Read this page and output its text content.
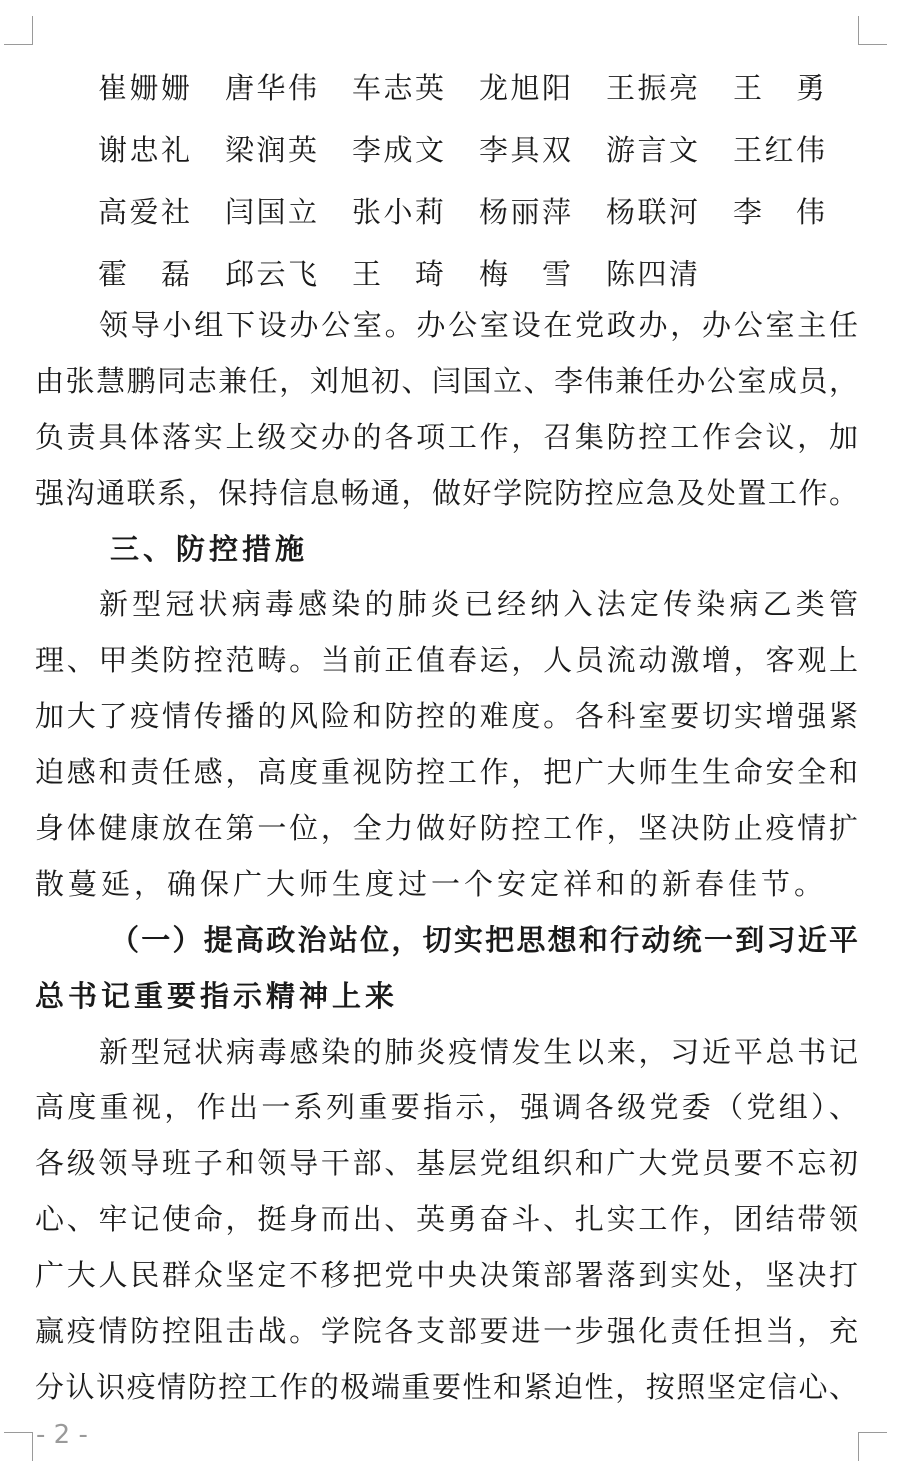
崔姗姗 唐华伟 车志英 龙旭阳 王振亮 王　勇
谢忠礼 梁润英 李成文 李具双 游言文 王红伟
高爱社 闫国立 张小莉 杨丽萍 杨联河 李　伟
霍　磊 邱云飞 王　琦 梅　雪 陈四清
领导小组下设办公室。办公室设在党政办，办公室主任
由张慧鹏同志兼任，刘旭初、闫国立、李伟兼任办公室成员，
负责具体落实上级交办的各项工作，召集防控工作会议，加
强沟通联系，保持信息畅通，做好学院防控应急及处置工作。
三、防控措施
新型冠状病毒感染的肺炎已经纳入法定传染病乙类管
理、甲类防控范畴。当前正值春运，人员流动激增，客观上
加大了疫情传播的风险和防控的难度。各科室要切实增强紧
迫感和责任感，高度重视防控工作，把广大师生生命安全和
身体健康放在第一位，全力做好防控工作，坚决防止疫情扩
散蔓延，确保广大师生度过一个安定祥和的新春佳节。
（一）提高政治站位，切实把思想和行动统一到习近平
总书记重要指示精神上来
新型冠状病毒感染的肺炎疫情发生以来，习近平总书记
高度重视，作出一系列重要指示，强调各级党委（党组）、
各级领导班子和领导干部、基层党组织和广大党员要不忘初
心、牢记使命，挺身而出、英勇奋斗、扎实工作，团结带领
广大人民群众坚定不移把党中央决策部署落到实处，坚决打
赢疫情防控阻击战。学院各支部要进一步强化责任担当，充
分认识疫情防控工作的极端重要性和紧迫性，按照坚定信心、
- 2 -
